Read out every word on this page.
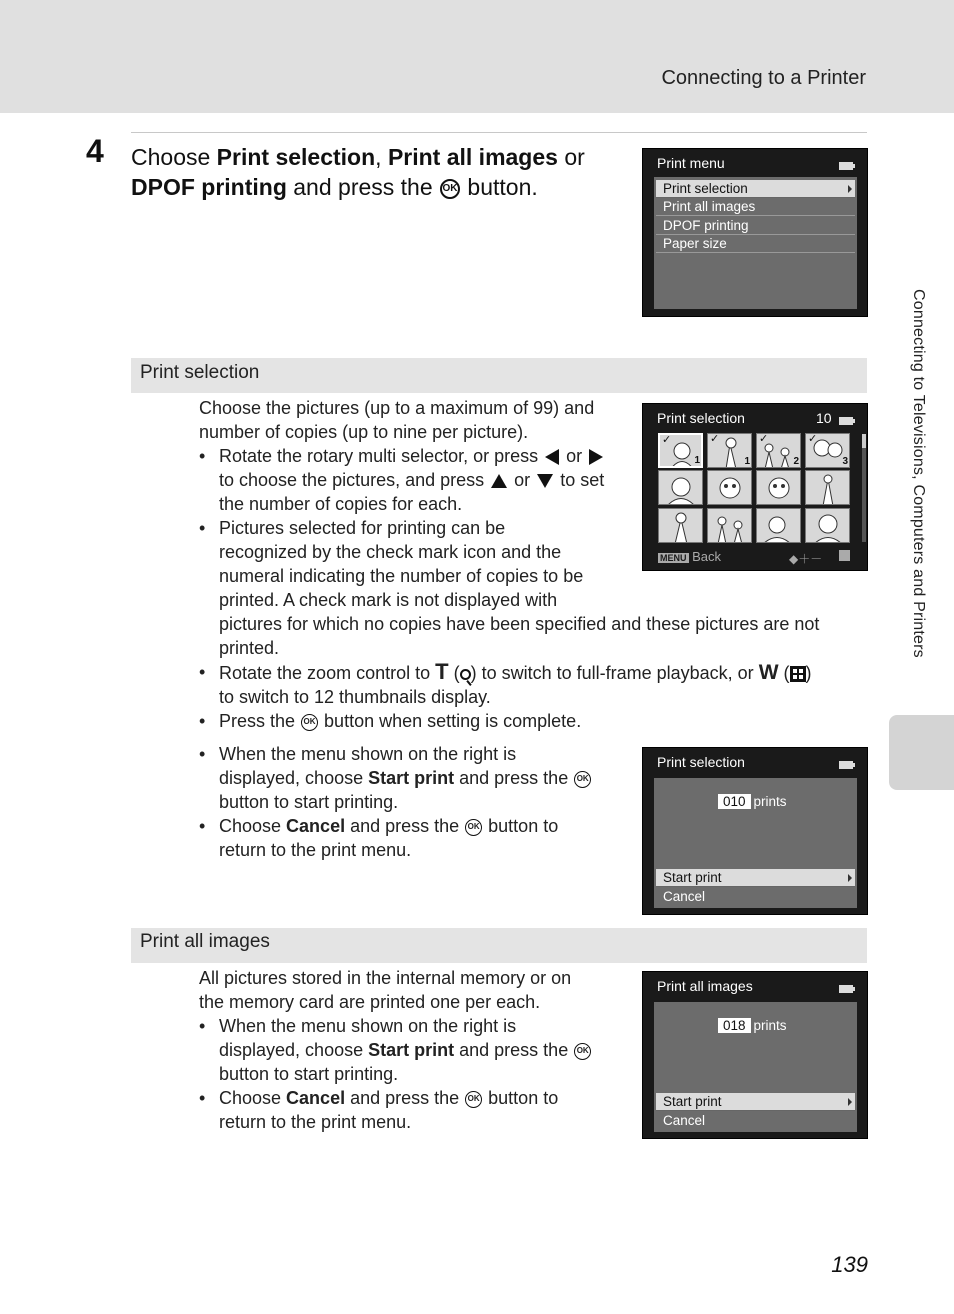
Connecting to a Printer
Connecting to Televisions, Computers and Printers
4 Choose Print selection, Print all images or
DPOF printing and press the OK button.
Print menu
Print selection
Print all images
DPOF printing
Paper size
Print selection
Choose the pictures (up to a maximum of 99) and
number of copies (up to nine per picture).
• Rotate the rotary multi selector, or press  or
to choose the pictures, and press  or  to set
the number of copies for each.
• Pictures selected for printing can be
recognized by the check mark icon and the
numeral indicating the number of copies to be
printed. A check mark is not displayed with
pictures for which no copies have been specified and these pictures are not
printed.
• Rotate the zoom control to T ( ) to switch to full-frame playback, or W ( )
to switch to 12 thumbnails display.
• Press the OK button when setting is complete.
Print selection	10
✓
1
✓
1
✓
2
✓
3
MENU Back	◆＋－
• When the menu shown on the right is
displayed, choose Start print and press the OK
button to start printing.
• Choose Cancel and press the OK button to
return to the print menu.
Print selection
010 prints
Start print
Cancel
Print all images
All pictures stored in the internal memory or on
the memory card are printed one per each.
• When the menu shown on the right is
displayed, choose Start print and press the OK
button to start printing.
• Choose Cancel and press the OK button to
return to the print menu.
Print all images
018 prints
Start print
Cancel
139
